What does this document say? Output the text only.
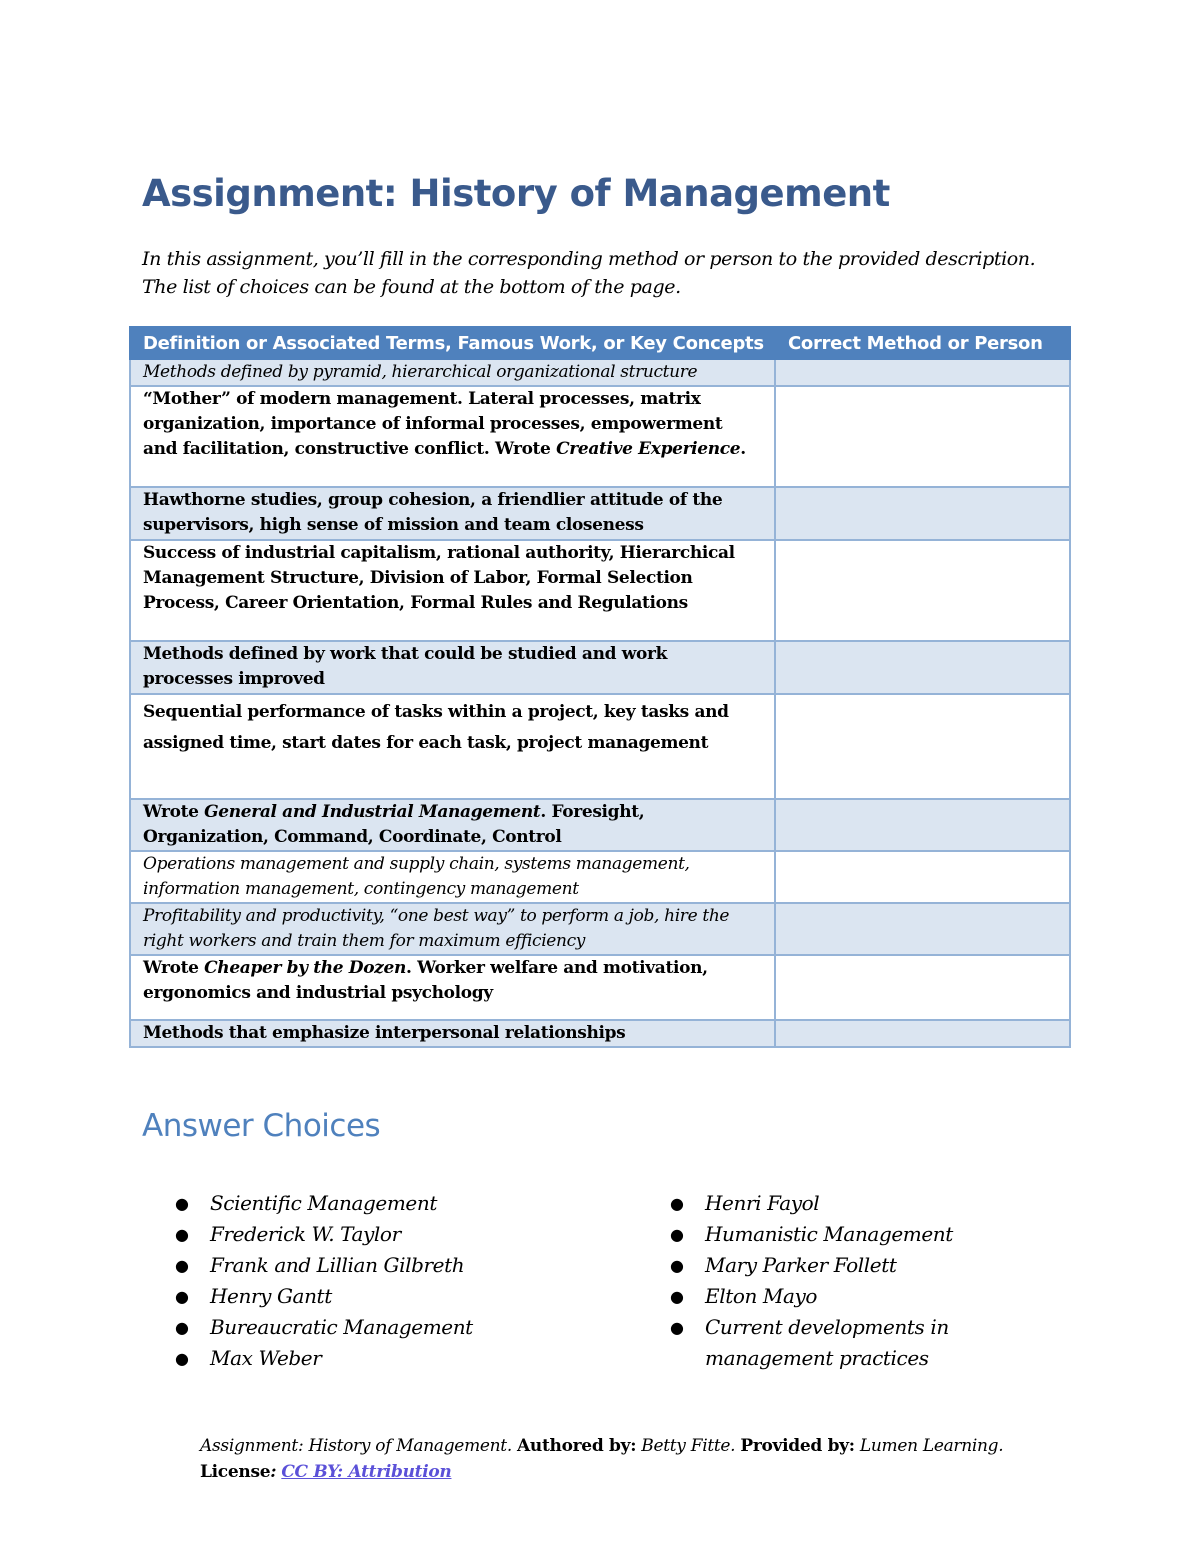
Assignment: History of Management

In this assignment, you’ll fill in the corresponding method or person to the provided description. The list of choices can be found at the bottom of the page.

Definition or Associated Terms, Famous Work, or Key Concepts	Correct Method or Person
Methods defined by pyramid, hierarchical organizational structure	
“Mother” of modern management. Lateral processes, matrix organization, importance of informal processes, empowerment and facilitation, constructive conflict. Wrote Creative Experience.	
Hawthorne studies, group cohesion, a friendlier attitude of the supervisors, high sense of mission and team closeness	
Success of industrial capitalism, rational authority, Hierarchical Management Structure, Division of Labor, Formal Selection Process, Career Orientation, Formal Rules and Regulations	
Methods defined by work that could be studied and work processes improved	
Sequential performance of tasks within a project, key tasks and assigned time, start dates for each task, project management	
Wrote General and Industrial Management. Foresight, Organization, Command, Coordinate, Control	
Operations management and supply chain, systems management, information management, contingency management	
Profitability and productivity, “one best way” to perform a job, hire the right workers and train them for maximum efficiency	
Wrote Cheaper by the Dozen. Worker welfare and motivation, ergonomics and industrial psychology	
Methods that emphasize interpersonal relationships	
Answer Choices
● Scientific Management
● Frederick W. Taylor
● Frank and Lillian Gilbreth
● Henry Gantt
● Bureaucratic Management
● Max Weber
● Henri Fayol
● Humanistic Management
● Mary Parker Follett
● Elton Mayo
● Current developments in management practices

Assignment: History of Management. Authored by: Betty Fitte. Provided by: Lumen Learning.
License: CC BY: Attribution
